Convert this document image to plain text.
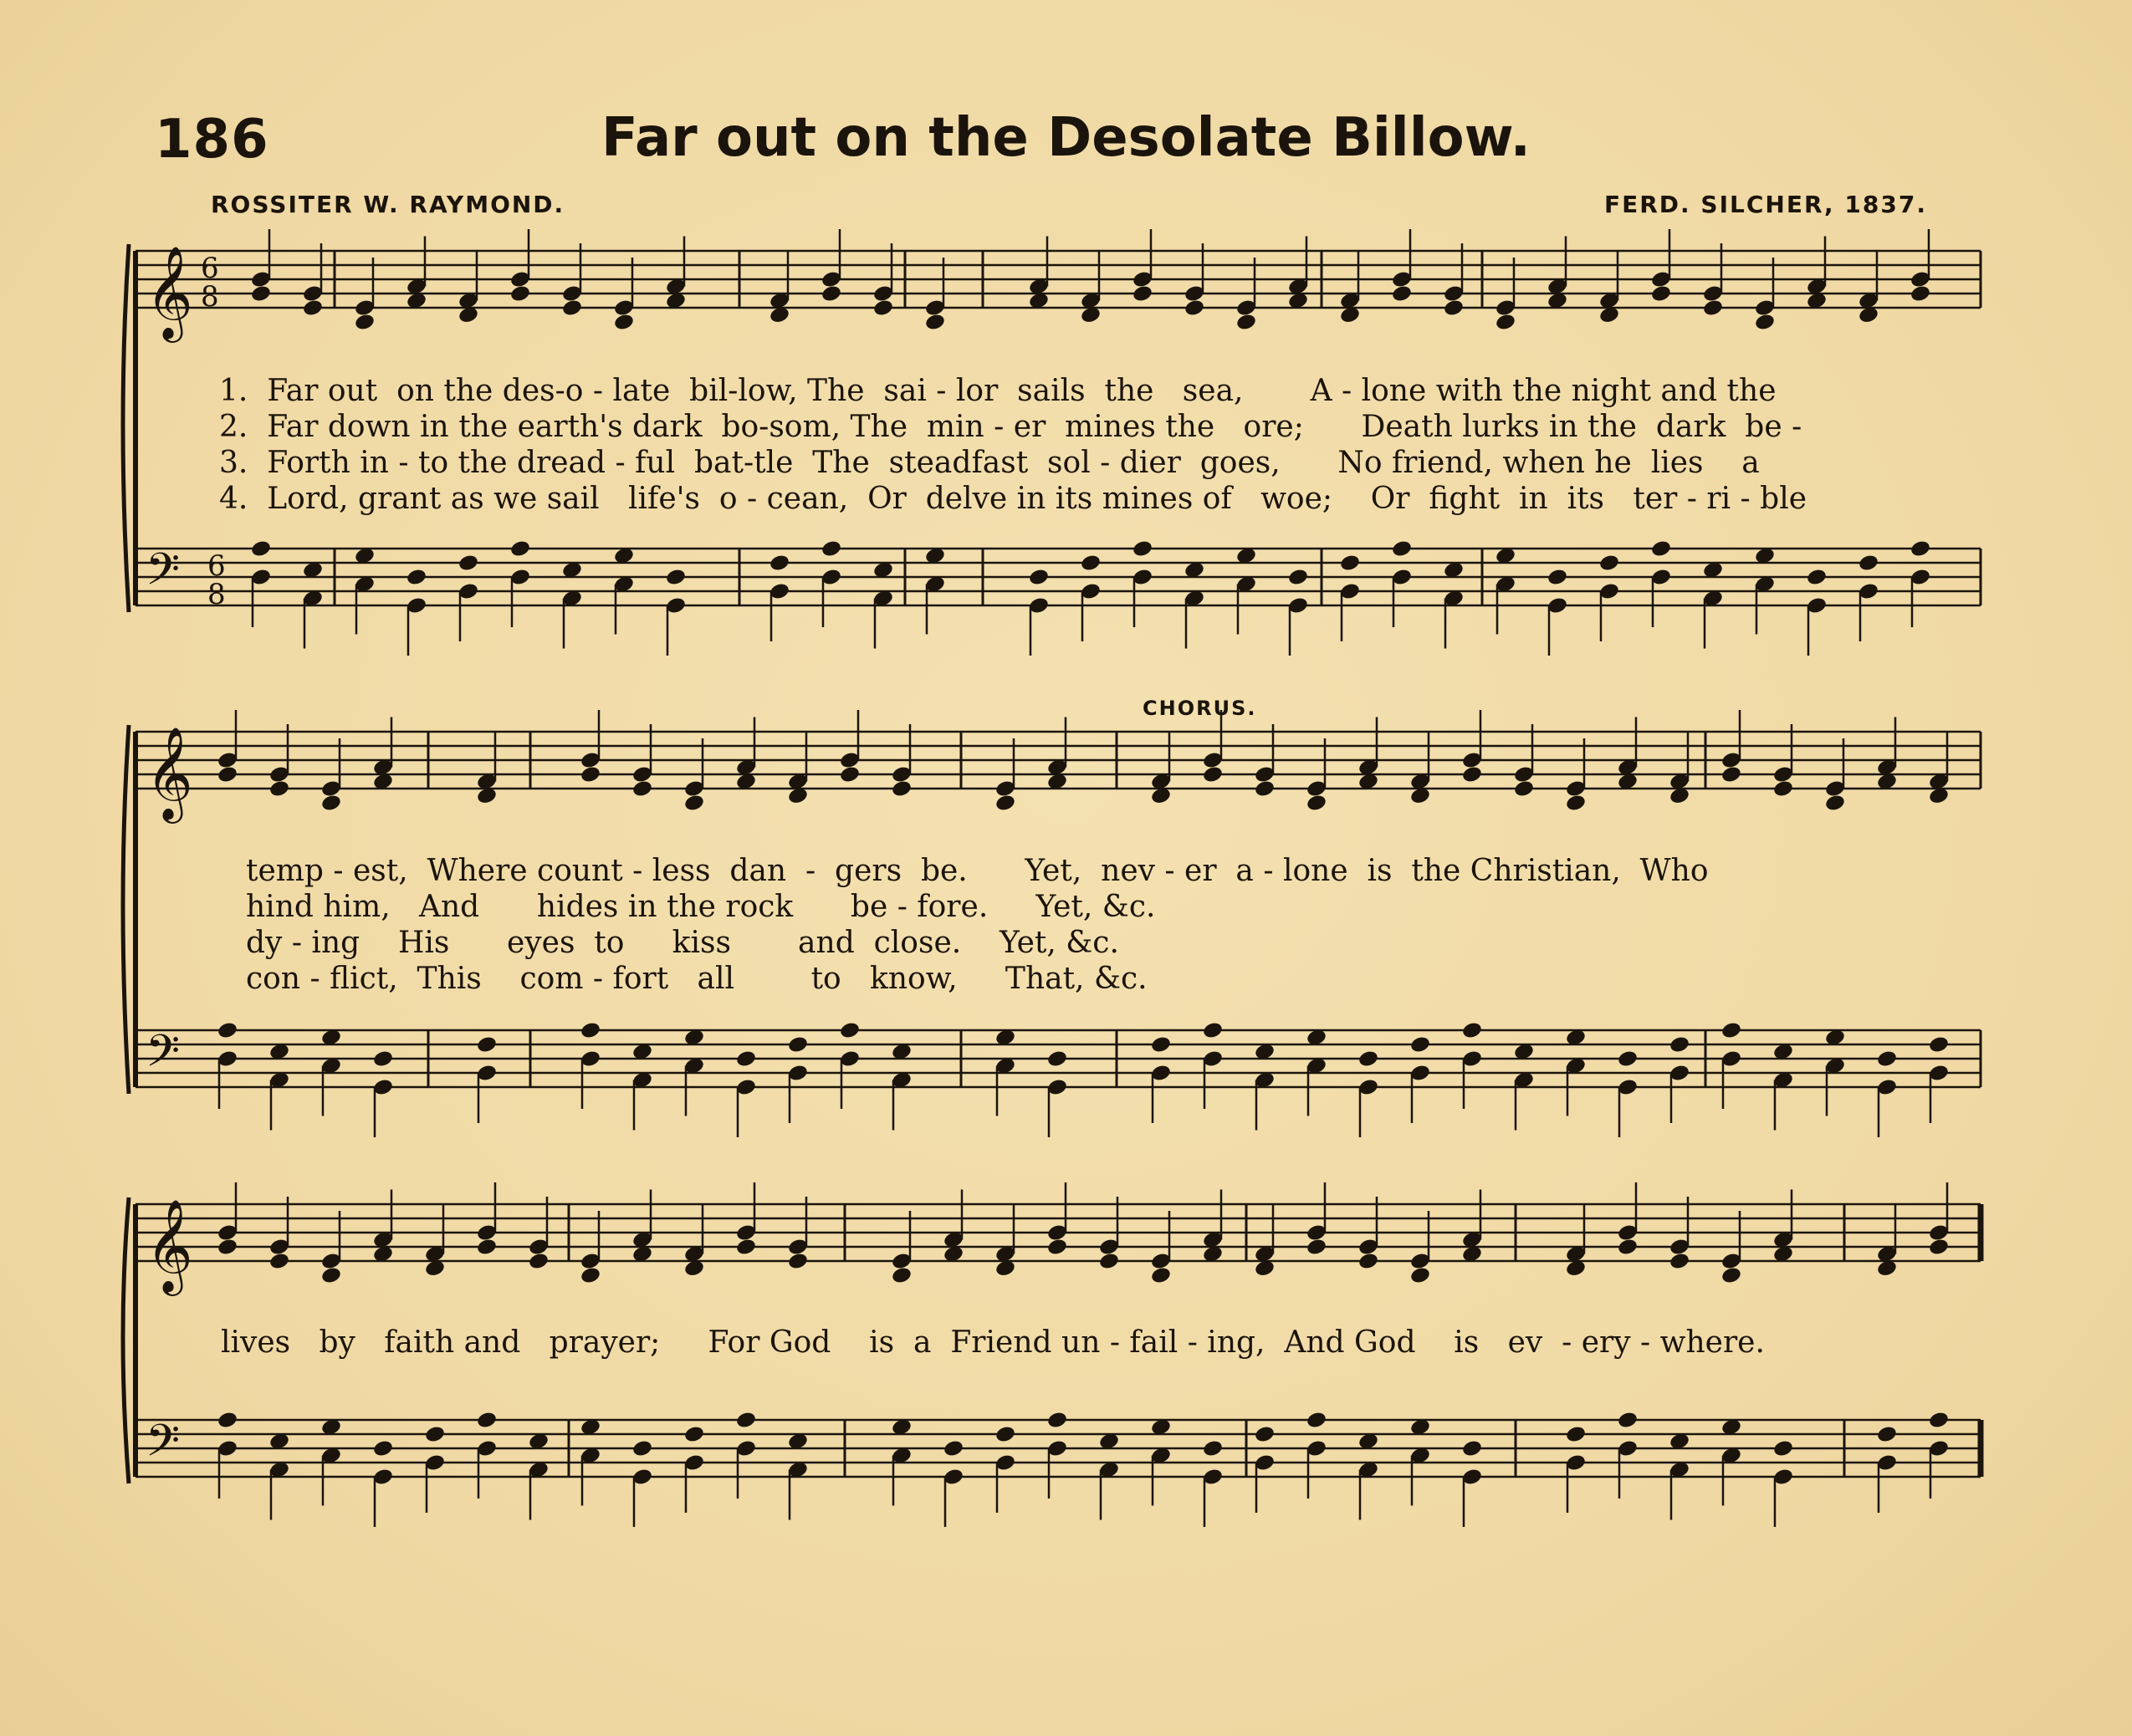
186	Far out on the Desolate Billow.
ROSSITER W. RAYMOND.	FERD. SILCHER, 1837.
CHORUS.
𝄞
𝄢
6
8
6
8
𝄞
𝄢
𝄞
𝄢
1.  Far out  on the des-o - late  bil-low, The  sai - lor  sails  the   sea,       A - lone with the night and the
2.  Far down in the earth's dark  bo-som, The  min - er  mines the   ore;      Death lurks in the  dark  be -
3.  Forth in - to the dread - ful  bat-tle  The  steadfast  sol - dier  goes,      No friend, when he  lies    a
4.  Lord, grant as we sail   life's  o - cean,  Or  delve in its mines of   woe;    Or  fight  in  its   ter - ri - ble
temp - est,  Where count - less  dan  -  gers  be.      Yet,  nev - er  a - lone  is  the Christian,  Who
hind him,   And      hides in the rock      be - fore.     Yet, &c.
dy - ing    His      eyes  to     kiss       and  close.    Yet, &c.
con - flict,  This    com - fort   all        to   know,     That, &c.
lives   by   faith and   prayer;     For God    is  a  Friend un - fail - ing,  And God    is   ev  - ery - where.
